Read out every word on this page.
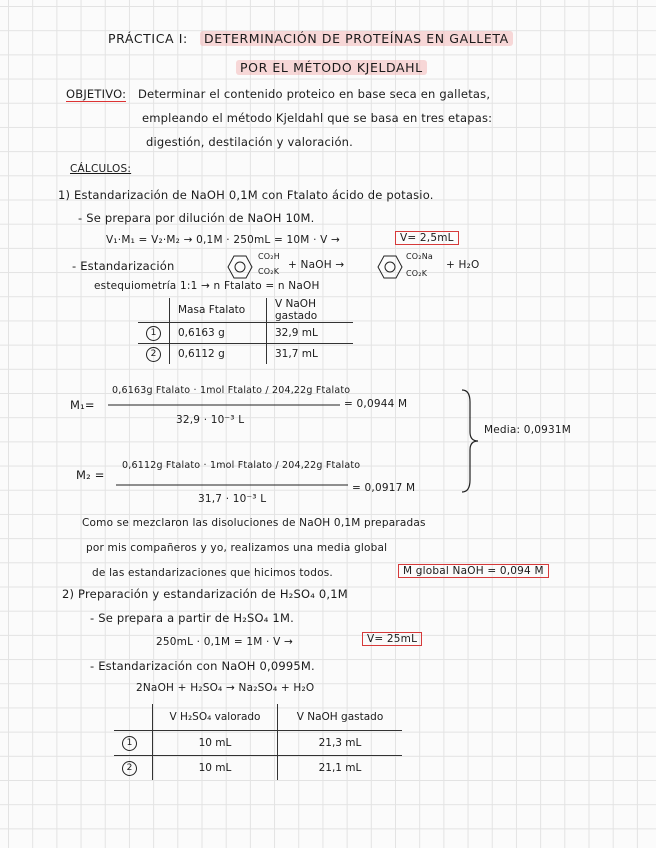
PRÁCTICA I:	DETERMINACIÓN DE PROTEÍNAS EN GALLETA
POR EL MÉTODO KJELDAHL
OBJETIVO: Determinar el contenido proteico en base seca en galletas,
empleando el método Kjeldahl que se basa en tres etapas:
digestión, destilación y valoración.
CÁLCULOS:
1) Estandarización de NaOH 0,1M con Ftalato ácido de potasio.
- Se prepara por dilución de NaOH 10M.
V₁·M₁ = V₂·M₂ → 0,1M · 250mL = 10M · V →	V= 2,5mL
- Estandarización
CO₂H
CO₂K
+ NaOH →
CO₂Na
CO₂K
+ H₂O
estequiometría 1:1 → n Ftalato = n NaOH
	Masa Ftalato	V NaOH gastado
1	0,6163 g	32,9 mL
2	0,6112 g	31,7 mL
M₁=
0,6163g Ftalato · 1mol Ftalato / 204,22g Ftalato
32,9 · 10⁻³ L
= 0,0944 M
M₂ =
0,6112g Ftalato · 1mol Ftalato / 204,22g Ftalato
31,7 · 10⁻³ L
= 0,0917 M
Media: 0,0931M
Como se mezclaron las disoluciones de NaOH 0,1M preparadas
por mis compañeros y yo, realizamos una media global
de las estandarizaciones que hicimos todos.	M global NaOH = 0,094 M
2) Preparación y estandarización de H₂SO₄ 0,1M
- Se prepara a partir de H₂SO₄ 1M.
250mL · 0,1M = 1M · V →	V= 25mL
- Estandarización con NaOH 0,0995M.
2NaOH + H₂SO₄ → Na₂SO₄ + H₂O
	V H₂SO₄ valorado	V NaOH gastado
1	10 mL	21,3 mL
2	10 mL	21,1 mL
